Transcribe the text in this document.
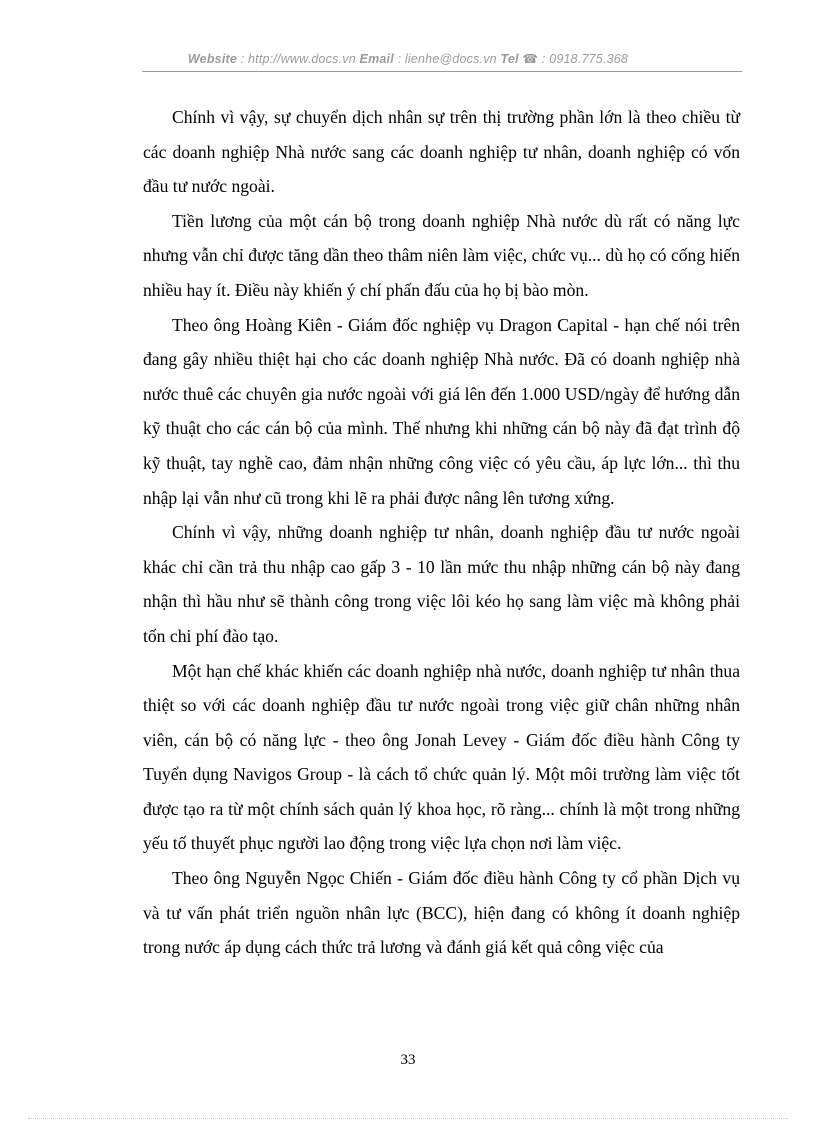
Website : http://www.docs.vn Email : lienhe@docs.vn Tel ☎ : 0918.775.368

Chính vì vậy, sự chuyển dịch nhân sự trên thị trường phần lớn là theo chiều từ các doanh nghiệp Nhà nước sang các doanh nghiệp tư nhân, doanh nghiệp có vốn đầu tư nước ngoài.

Tiền lương của một cán bộ trong doanh nghiệp Nhà nước dù rất có năng lực nhưng vẫn chỉ được tăng dần theo thâm niên làm việc, chức vụ... dù họ có cống hiến nhiều hay ít. Điều này khiến ý chí phấn đấu của họ bị bào mòn.

Theo ông Hoàng Kiên - Giám đốc nghiệp vụ Dragon Capital - hạn chế nói trên đang gây nhiều thiệt hại cho các doanh nghiệp Nhà nước. Đã có doanh nghiệp nhà nước thuê các chuyên gia nước ngoài với giá lên đến 1.000 USD/ngày để hướng dẫn kỹ thuật cho các cán bộ của mình. Thế nhưng khi những cán bộ này đã đạt trình độ kỹ thuật, tay nghề cao, đảm nhận những công việc có yêu cầu, áp lực lớn... thì thu nhập lại vẫn như cũ trong khi lẽ ra phải được nâng lên tương xứng.

Chính vì vậy, những doanh nghiệp tư nhân, doanh nghiệp đầu tư nước ngoài khác chỉ cần trả thu nhập cao gấp 3 - 10 lần mức thu nhập những cán bộ này đang nhận thì hầu như sẽ thành công trong việc lôi kéo họ sang làm việc mà không phải tốn chi phí đào tạo.

Một hạn chế khác khiến các doanh nghiệp nhà nước, doanh nghiệp tư nhân thua thiệt so với các doanh nghiệp đầu tư nước ngoài trong việc giữ chân những nhân viên, cán bộ có năng lực - theo ông Jonah Levey - Giám đốc điều hành Công ty Tuyển dụng Navigos Group - là cách tổ chức quản lý. Một môi trường làm việc tốt được tạo ra từ một chính sách quản lý khoa học, rõ ràng... chính là một trong những yếu tố thuyết phục người lao động trong việc lựa chọn nơi làm việc.

Theo ông Nguyễn Ngọc Chiến - Giám đốc điều hành Công ty cổ phần Dịch vụ và tư vấn phát triển nguồn nhân lực (BCC), hiện đang có không ít doanh nghiệp trong nước áp dụng cách thức trả lương và đánh giá kết quả công việc của

33
